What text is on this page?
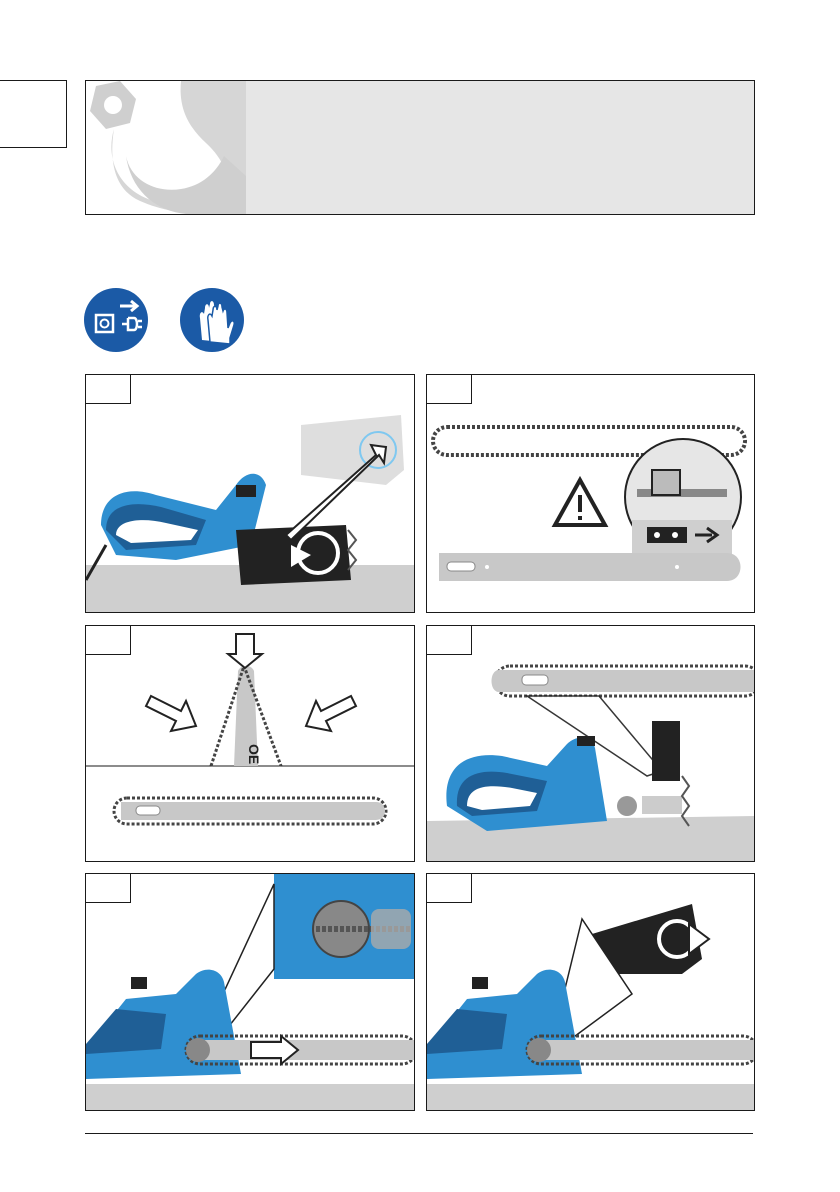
OE
